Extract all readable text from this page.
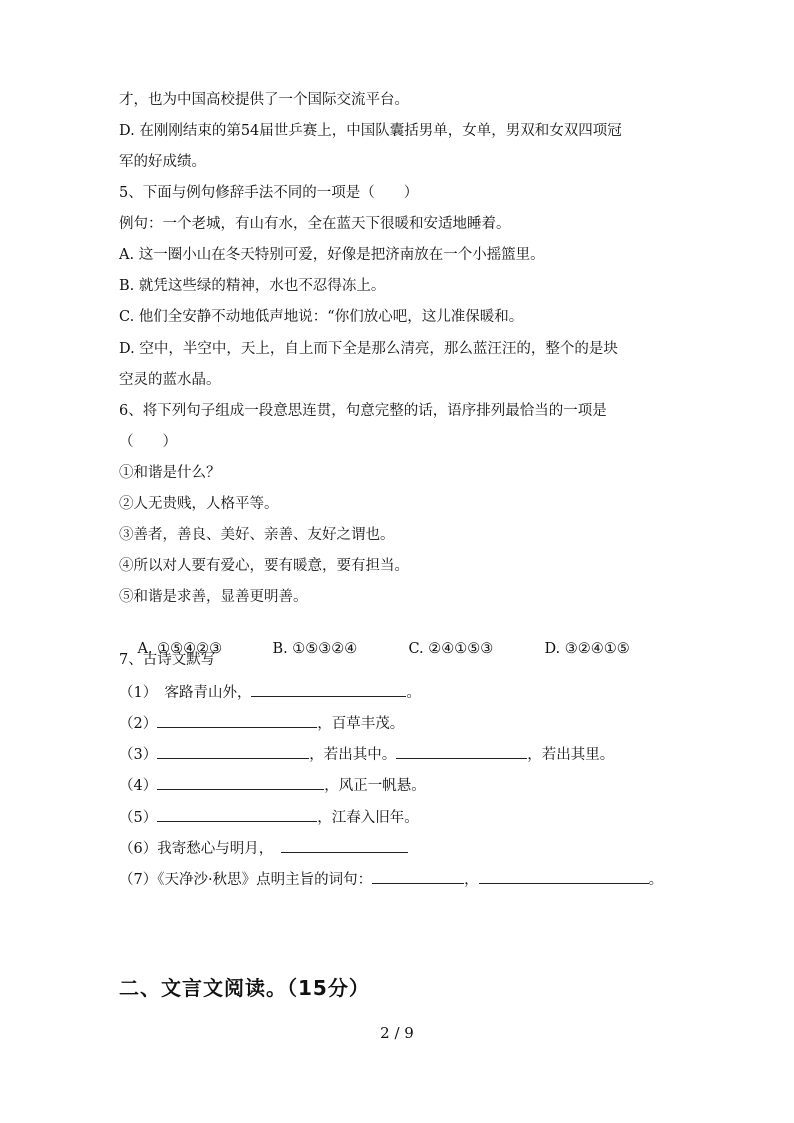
才，也为中国高校提供了一个国际交流平台。
D. 在刚刚结束的第54届世乒赛上，中国队囊括男单，女单，男双和女双四项冠
军的好成绩。
5、下面与例句修辞手法不同的一项是（　　）
例句：一个老城，有山有水，全在蓝天下很暖和安适地睡着。
A. 这一圈小山在冬天特别可爱，好像是把济南放在一个小摇篮里。
B. 就凭这些绿的精神，水也不忍得冻上。
C. 他们全安静不动地低声地说：“你们放心吧，这儿准保暖和。
D. 空中，半空中，天上，自上而下全是那么清亮，那么蓝汪汪的，整个的是块
空灵的蓝水晶。
6、将下列句子组成一段意思连贯，句意完整的话，语序排列最恰当的一项是
（　　）
①和谐是什么？
②人无贵贱，人格平等。
③善者，善良、美好、亲善、友好之谓也。
④所以对人要有爱心，要有暖意，要有担当。
⑤和谐是求善，显善更明善。

A. ①⑤④②③	B. ①⑤③②④	C. ②④①⑤③	D. ③②④①⑤

7、古诗文默写
（1）　客路青山外，	。
（2）	，百草丰茂。
（3）	，若出其中。	，若出其里。
（4）	，风正一帆悬。
（5）	，江春入旧年。
（6）我寄愁心与明月，
（7）《天净沙·秋思》点明主旨的词句：	，	。
二、文言文阅读。（15分）
2 / 9
